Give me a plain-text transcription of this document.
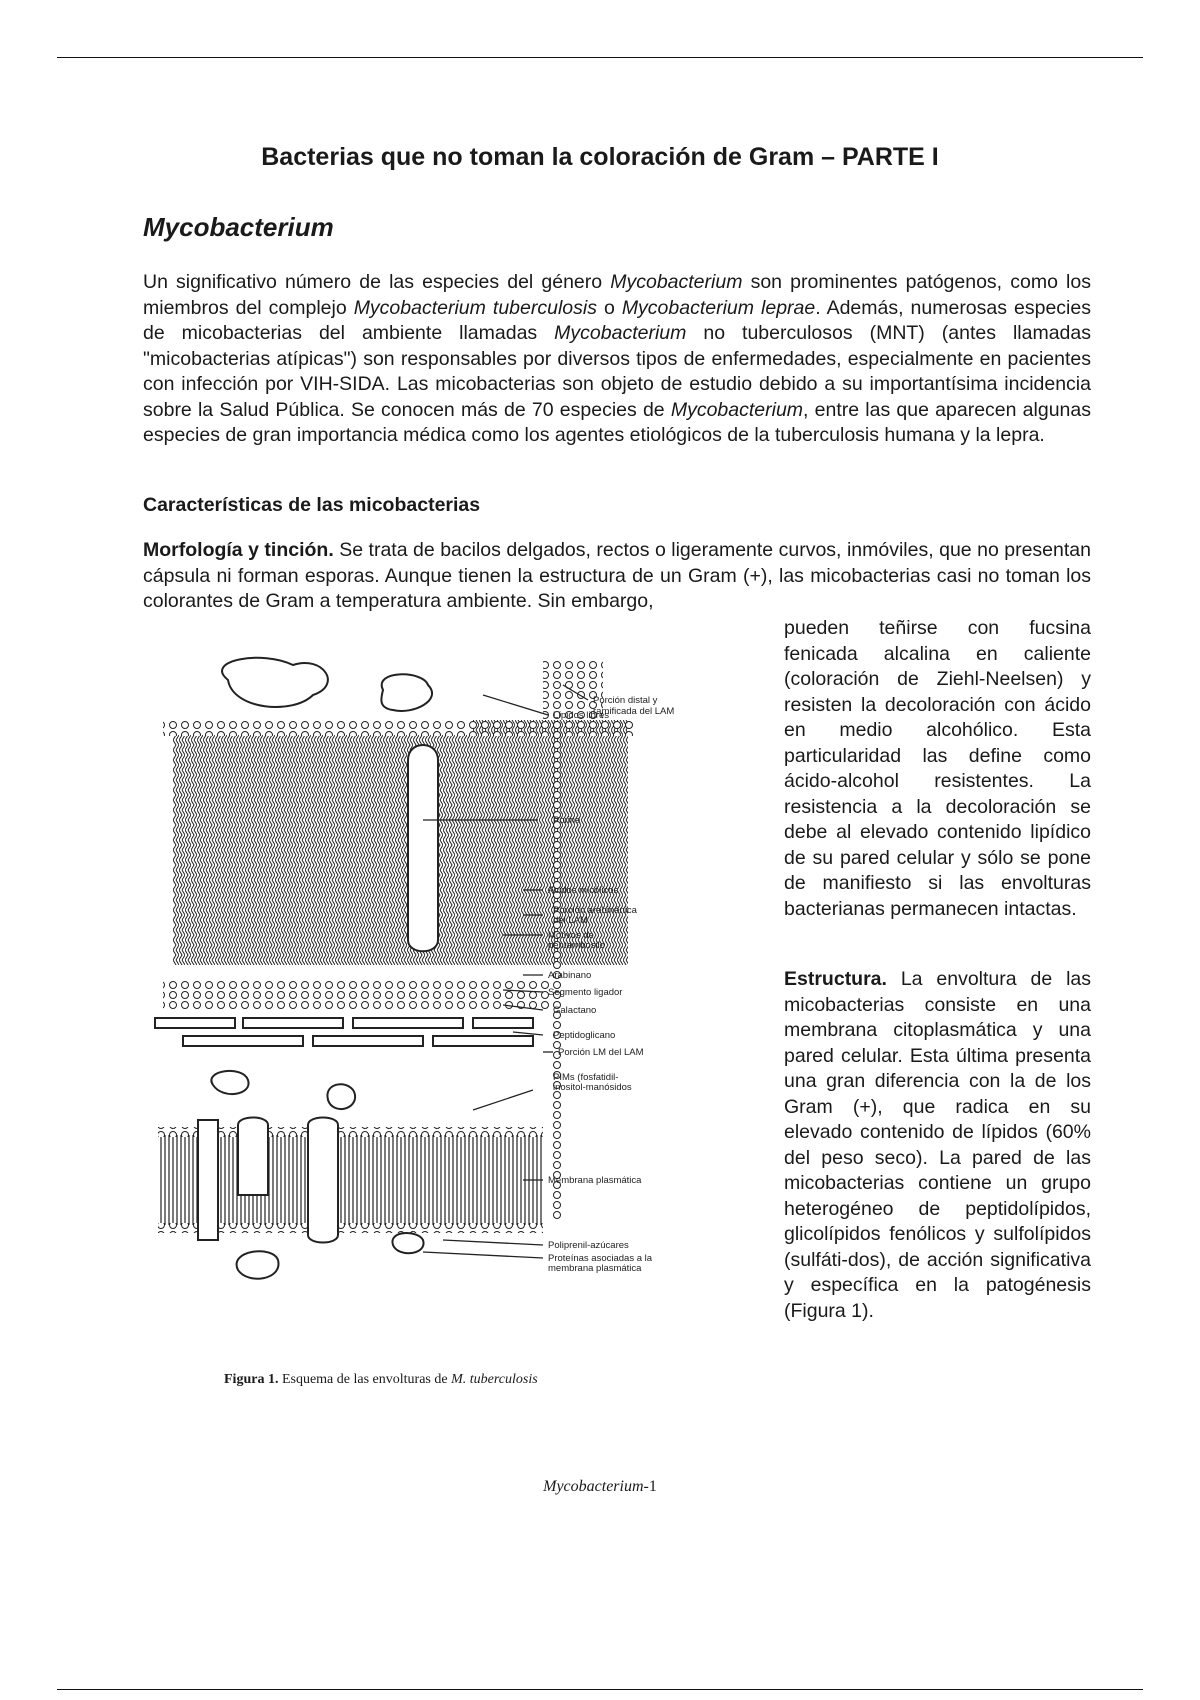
Bacterias que no toman la coloración de Gram – PARTE I
Mycobacterium

Un significativo número de las especies del género Mycobacterium son prominentes patógenos, como los miembros del complejo Mycobacterium tuberculosis o Mycobacterium leprae. Además, numerosas especies de micobacterias del ambiente llamadas Mycobacterium no tuberculosos (MNT) (antes llamadas "micobacterias atípicas") son responsables por diversos tipos de enfermedades, especialmente en pacientes con infección por VIH-SIDA. Las micobacterias son objeto de estudio debido a su importantísima incidencia sobre la Salud Pública. Se conocen más de 70 especies de Mycobacterium, entre las que aparecen algunas especies de gran importancia médica como los agentes etiológicos de la tuberculosis humana y la lepra.

Características de las micobacterias

Morfología y tinción. Se trata de bacilos delgados, rectos o ligeramente curvos, inmóviles, que no presentan cápsula ni forman esporas. Aunque tienen la estructura de un Gram (+), las micobacterias casi no toman los colorantes de Gram a temperatura ambiente. Sin embargo,

pueden teñirse con fucsina fenicada alcalina en caliente (coloración de Ziehl-Neelsen) y resisten la decoloración con ácido en medio alcohólico. Esta particularidad las define como ácido-alcohol resistentes. La resistencia a la decoloración se debe al elevado contenido lipídico de su pared celular y sólo se pone de manifiesto si las envolturas bacterianas permanecen intactas.

Estructura. La envoltura de las micobacterias consiste en una membrana citoplasmática y una pared celular. Esta última presenta una gran diferencia con la de los Gram (+), que radica en su elevado contenido de lípidos (60% del peso seco). La pared de las micobacterias contiene un grupo heterogéneo de peptidolípidos, glicolípidos fenólicos y sulfolípidos (sulfáti-dos), de acción significativa y específica en la patogénesis (Figura 1).

Porción distal y
ramificada del LAM
Lípidos libres
Porina
Acidos micólicos
Porción arabinánica
del LAM
Motivos de
pentarribosilo
Arabinano
Segmento ligador
Galactano
Peptidoglicano
Porción LM del LAM
PIMs (fosfatidil-
inositol-manósidos
Membrana plasmática
Poliprenil-azúcares
Proteínas asociadas a la
membrana plasmática

Figura 1. Esquema de las envolturas de M. tuberculosis

Mycobacterium-1
